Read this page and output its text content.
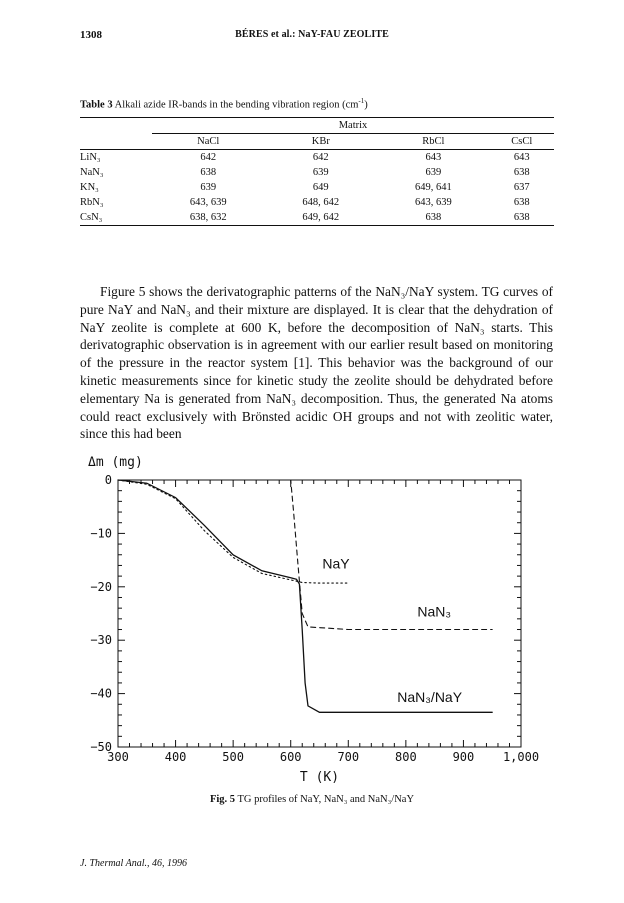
1308	BÉRES et al.: NaY-FAU ZEOLITE
Table 3 Alkali azide IR-bands in the bending vibration region $(cm^{-1})$
	Matrix			
	NaCl	KBr	RbCl	CsCl
LiN₃	642	642	643	643
NaN₃	638	639	639	638
KN₃	639	649	649, 641	637
RbN₃	643, 639	648, 642	643, 639	638
CsN₃	638, 632	649, 642	638	638
Figure 5 shows the derivatographic patterns of the NaN₃/NaY system. TG curves of pure NaY and NaN₃ and their mixture are displayed. It is clear that the dehydration of NaY zeolite is complete at 600 K, before the decomposition of NaN₃ starts. This derivatographic observation is in agreement with our earlier result based on monitoring of the pressure in the reactor system [1]. This behavior was the background of our kinetic measurements since for kinetic study the zeolite should be dehydrated before elementary Na is generated from NaN₃ decomposition. Thus, the generated Na atoms could react exclusively with Brönsted acidic OH groups and not with zeolitic water, since this had been
0
−10
−20
−30
−40
−50
300	400	500	600	700	800	900 1,000
Δm (mg)
T (K)
NaY
NaN₃
NaN₃/NaY
Fig. 5 TG profiles of NaY, NaN₃ and NaN₃/NaY
J. Thermal Anal., 46, 1996
